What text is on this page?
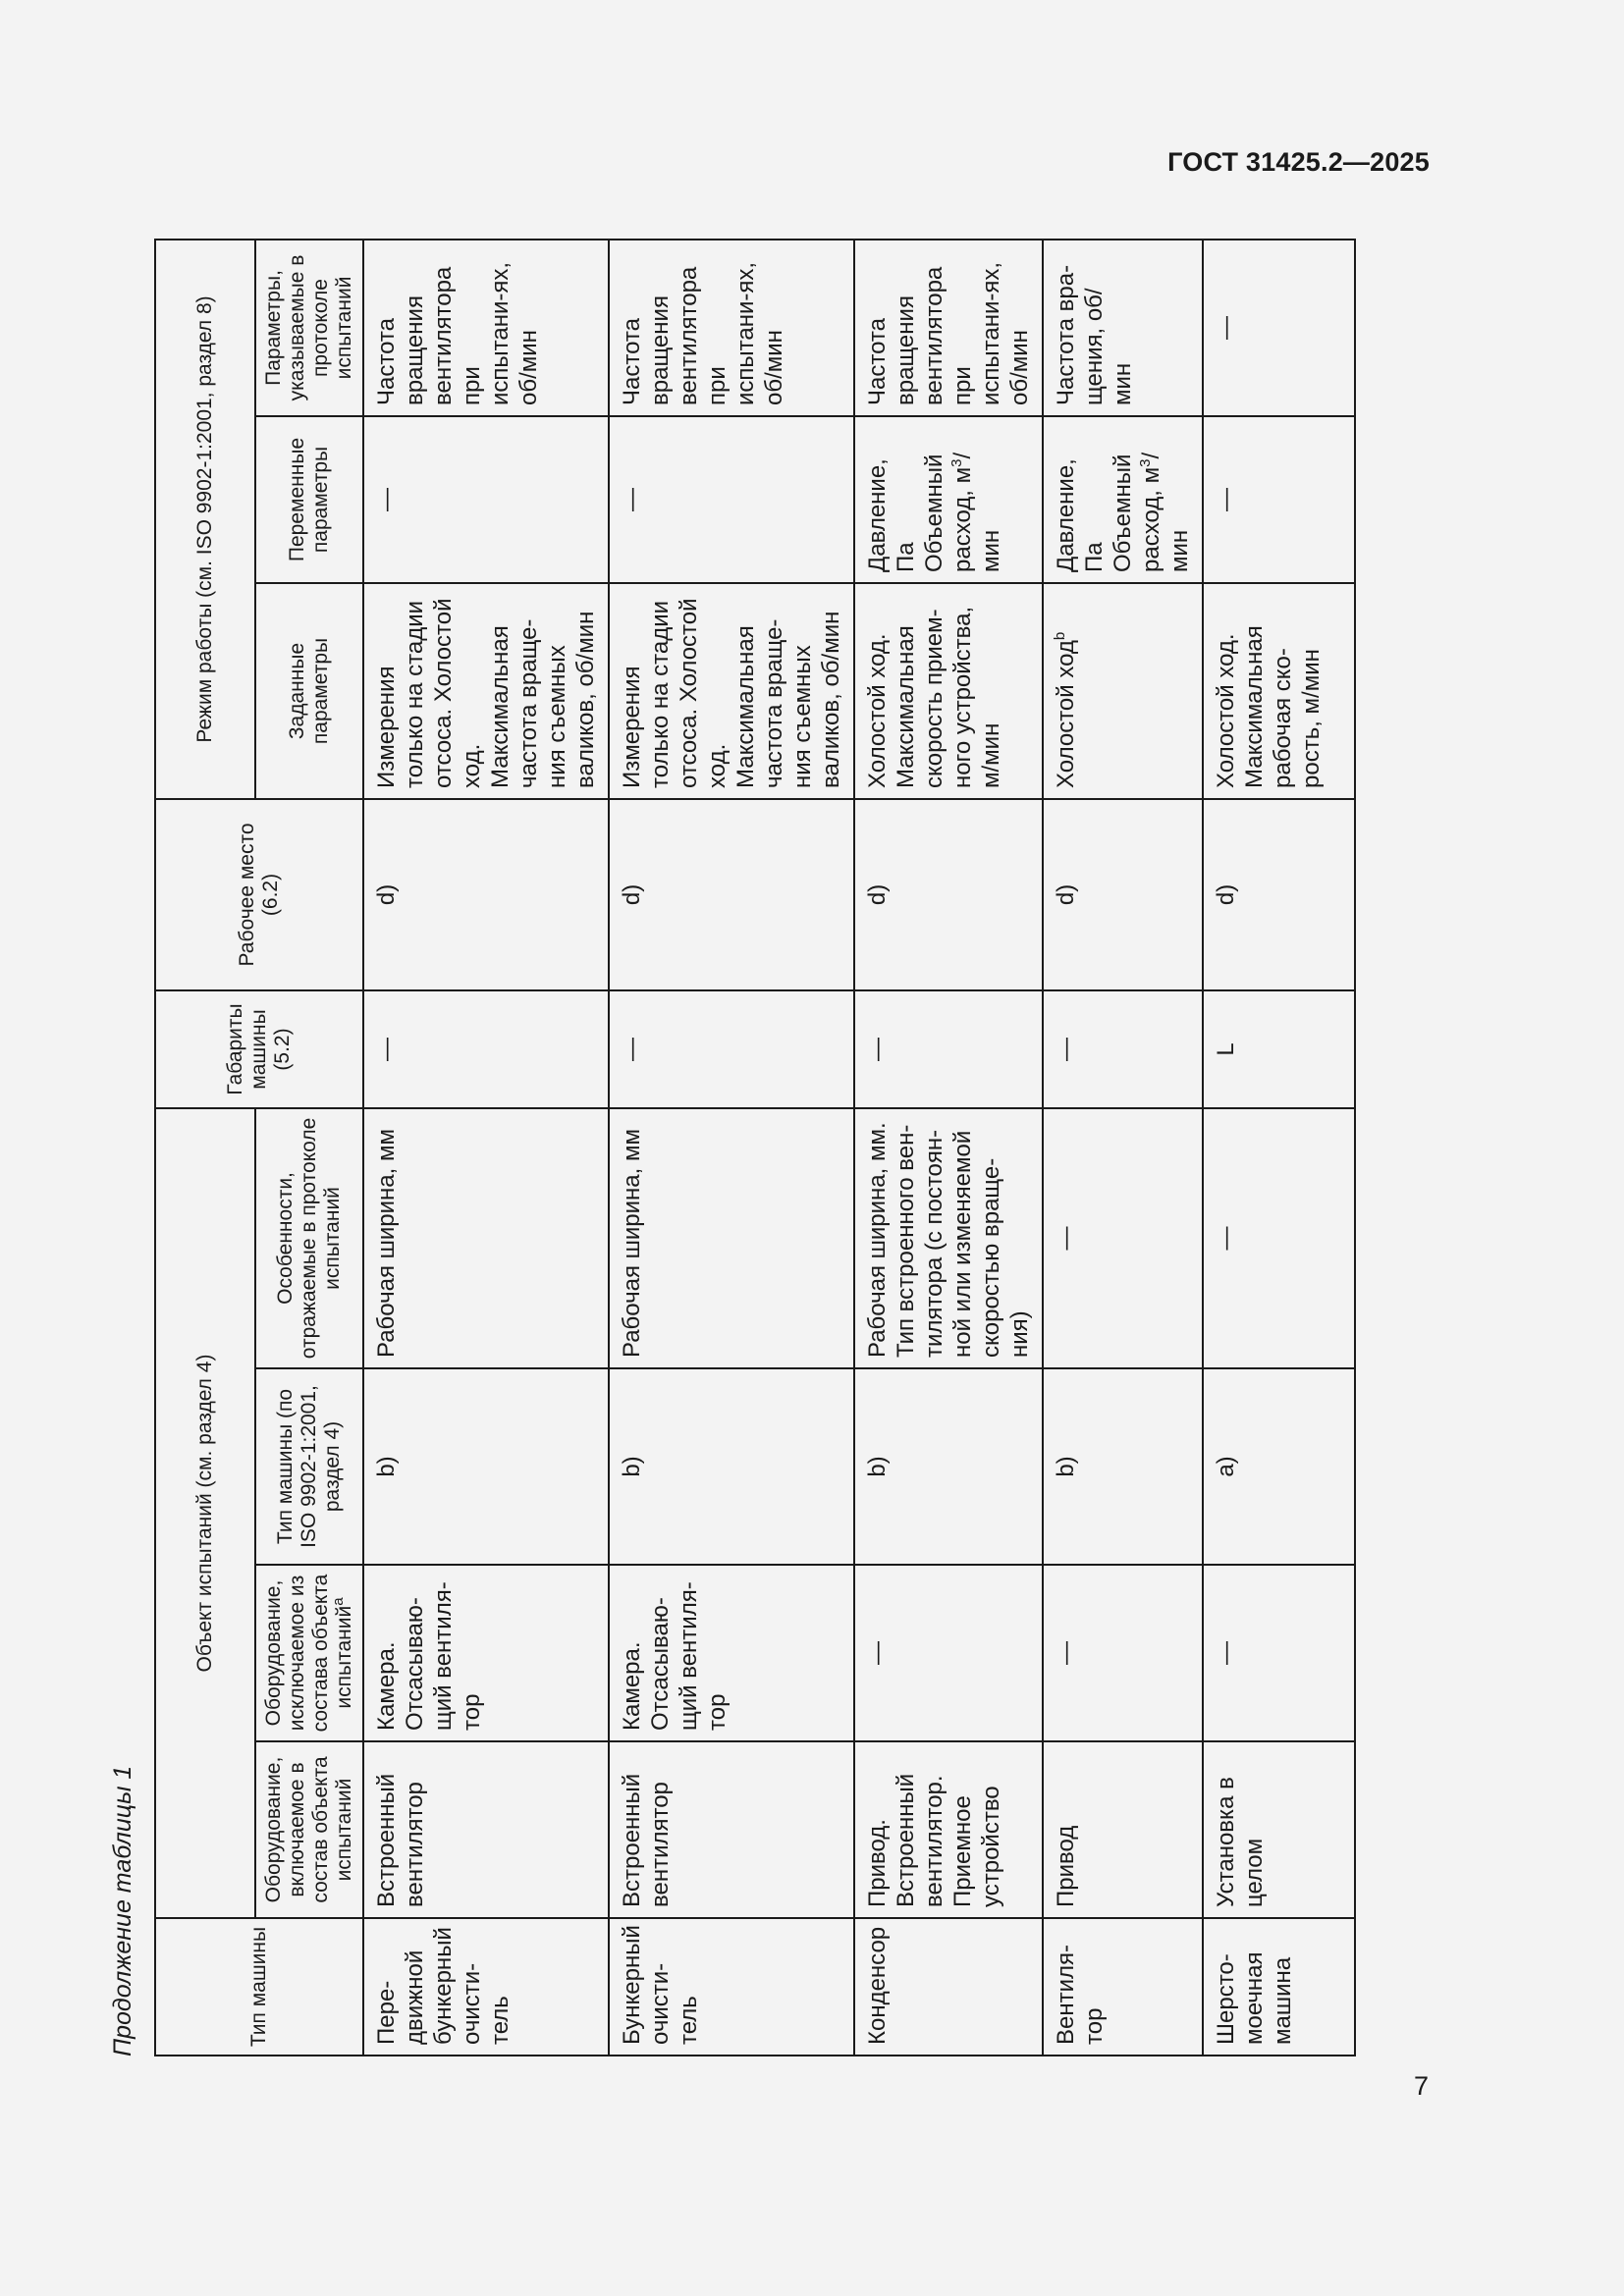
ГОСТ 31425.2—2025
Продолжение таблицы 1	Тип машины	Объект испытаний (см. раздел 4)				Габариты машины (5.2)	Рабочее место (6.2)	Режим работы (см. ISO 9902-1:2001, раздел 8)		
	Оборудование, включаемое в состав объекта испытаний	Оборудование, исключаемое из состава объекта испытаний$^a$	Тип машины (по ISO 9902-1:2001, раздел 4)	Особенности, отражаемые в протоколе испытаний			Заданные параметры	Переменные параметры	Параметры, указываемые в протоколе испытаний
Пере-движной бункерный очисти-тель	Встроенный вентилятор	Камера. Отсасываю-щий вентиля-тор	b)	Рабочая ширина, мм	—	d)	Измерения только на стадии отсоса. Холостой ход. Максимальная частота враще-ния съемных валиков, об/мин	—	Частота вращения вентилятора при испытани-ях, об/мин
Бункерный очисти-тель	Встроенный вентилятор	Камера. Отсасываю-щий вентиля-тор	b)	Рабочая ширина, мм	—	d)	Измерения только на стадии отсоса. Холостой ход. Максимальная частота враще-ния съемных валиков, об/мин	—	Частота вращения вентилятора при испытани-ях, об/мин
Конденсор	Привод. Встроенный вентилятор. Приемное устройство	—	b)	Рабочая ширина, мм. Тип встроенного вен-тилятора (с постоян-ной или изменяемой скоростью враще-ния)	—	d)	Холостой ход. Максимальная скорость прием-ного устройства, м/мин	Давление, Па Объемный расход, $м^3$/мин	Частота вращения вентилятора при испытани-ях, об/мин
Вентиля-тор	Привод	—	b)	—	—	d)	Холостой ход$^b$	Давление, Па Объемный расход, $м^3$/мин	Частота вра-щения, об/мин
Шерсто-моечная машина	Установка в целом	—	a)	—	L	d)	Холостой ход. Максимальная рабочая ско-рость, м/мин	—	—
7
